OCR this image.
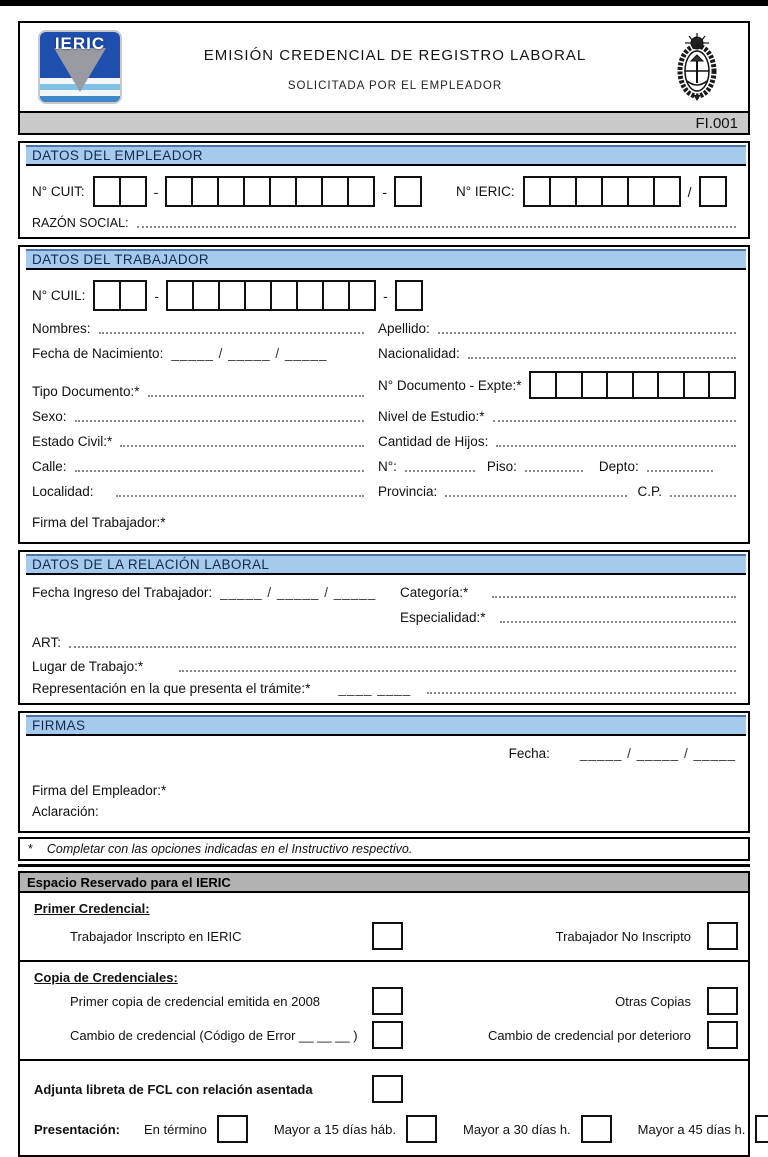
IERIC
EMISIÓN CREDENCIAL DE REGISTRO LABORAL
SOLICITADA POR EL EMPLEADOR
FI.001
DATOS DEL EMPLEADOR
N° CUIT:	-	-	N° IERIC:	/
RAZÓN SOCIAL:
DATOS DEL TRABAJADOR
N° CUIL:	-	-
Nombres:	Apellido:
Fecha de Nacimiento: _____ / _____ / _____	Nacionalidad:
Tipo Documento:*	N° Documento - Expte:*
Sexo:	Nivel de Estudio:*
Estado Civil:*	Cantidad de Hijos:
Calle:	N°:	Piso:	Depto:
Localidad:	Provincia:	C.P.
Firma del Trabajador:*
DATOS DE LA RELACIÓN LABORAL
Fecha Ingreso del Trabajador: _____ / _____ / _____ Categoría:*
Especialidad:*
ART:
Lugar de Trabajo:*
Representación en la que presenta el trámite:* ____ ____
FIRMAS
Fecha: _____ / _____ / _____
Firma del Empleador:*
Aclaración:
* Completar con las opciones indicadas en el Instructivo respectivo.
Espacio Reservado para el IERIC
Primer Credencial:
Trabajador Inscripto en IERIC	Trabajador No Inscripto
Copia de Credenciales:
Primer copia de credencial emitida en 2008	Otras Copias
Cambio de credencial (Código de Error __ __ __ )	Cambio de credencial por deterioro
Adjunta libreta de FCL con relación asentada
Presentación: En término	Mayor a 15 días háb.	Mayor a 30 días h.	Mayor a 45 días h.
